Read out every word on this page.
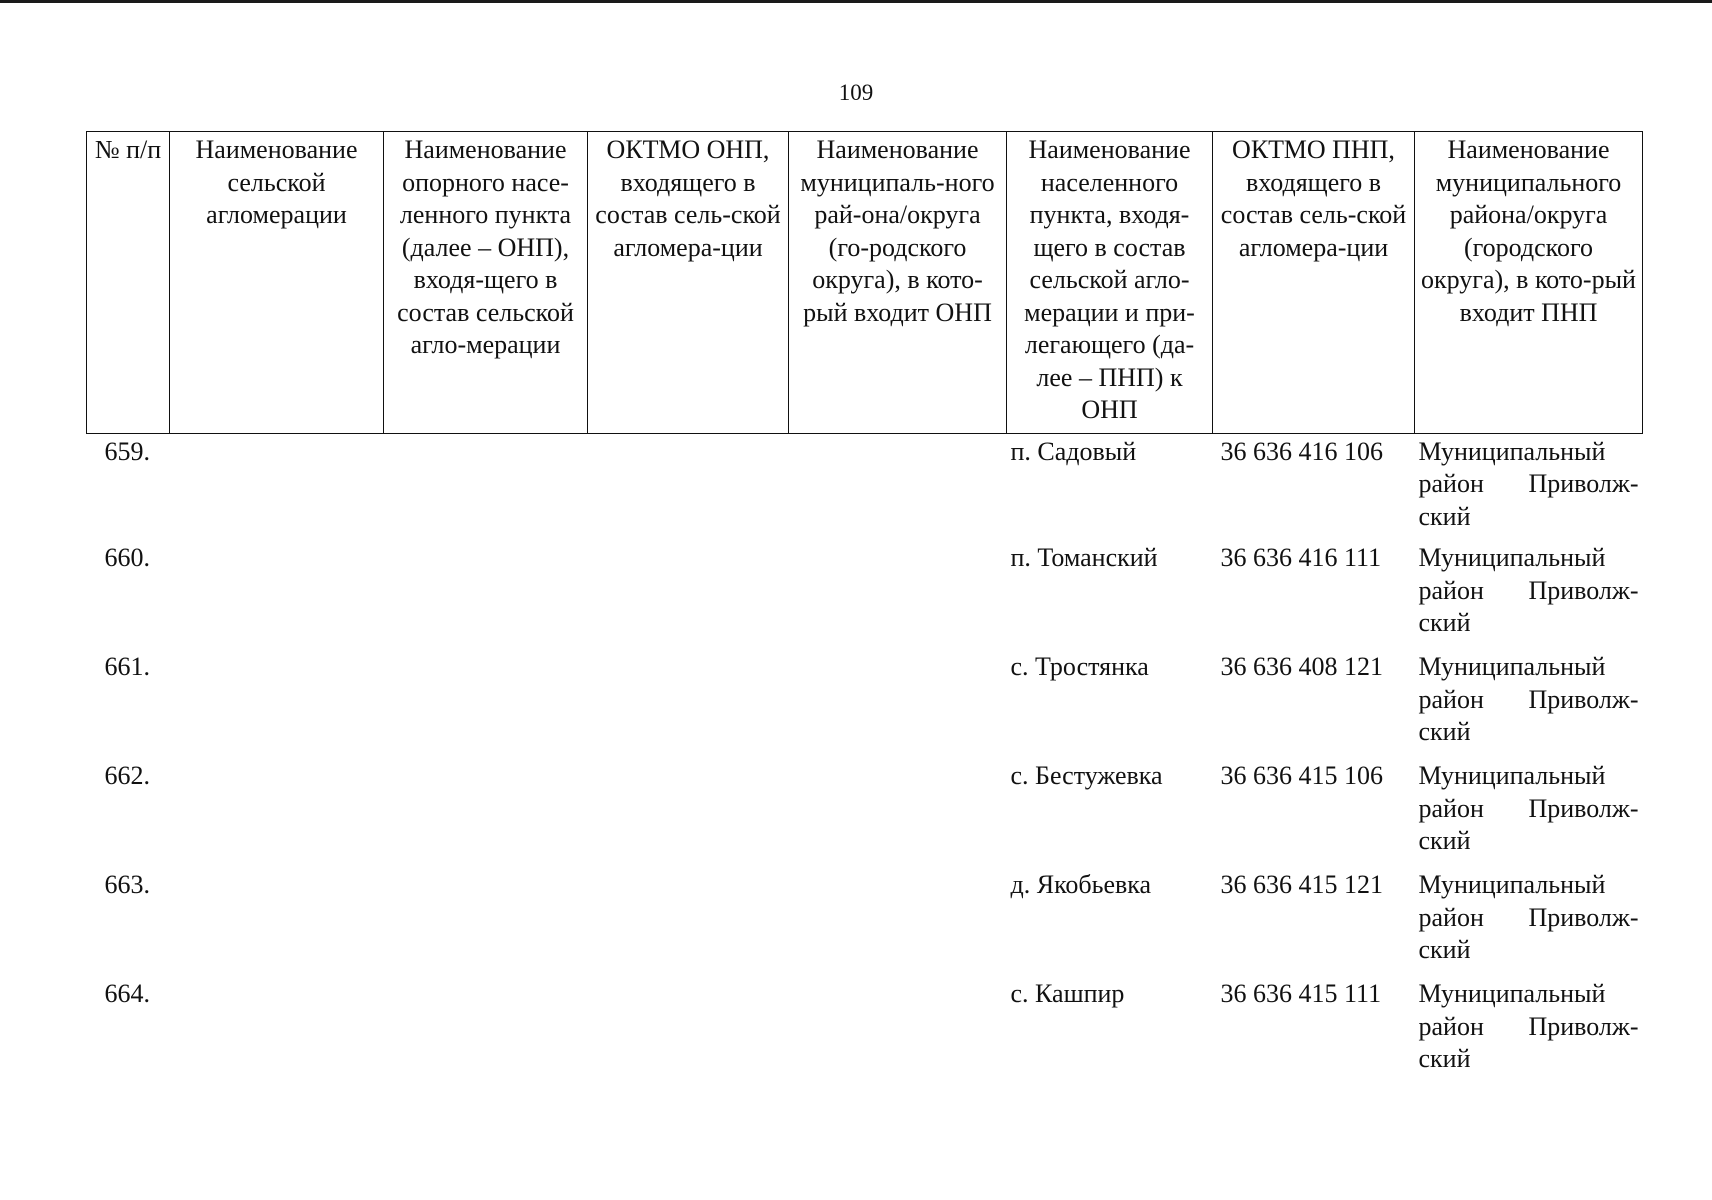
109
№ п/п	Наименование сельской агломерации	Наименование опорного насе-ленного пункта (далее – ОНП), входя-щего в состав сельской агло-мерации	ОКТМО ОНП, входящего в состав сель-ской агломера-ции	Наименование муниципаль-ного рай-она/округа (го-родского округа), в кото-рый входит ОНП	Наименование населенного пункта, входя-щего в состав сельской агло-мерации и при-легающего (да-лее – ПНП) к ОНП	ОКТМО ПНП, входящего в состав сель-ской агломера-ции	Наименование муниципального района/округа (городского округа), в кото-рый входит ПНП
659.					п. Садовый	36 636 416 106	Муниципальный район Приволж-ский
660.					п. Томанский	36 636 416 111	Муниципальный район Приволж-ский
661.					с. Тростянка	36 636 408 121	Муниципальный район Приволж-ский
662.					с. Бестужевка	36 636 415 106	Муниципальный район Приволж-ский
663.					д. Якобьевка	36 636 415 121	Муниципальный район Приволж-ский
664.					с. Кашпир	36 636 415 111	Муниципальный район Приволж-ский
